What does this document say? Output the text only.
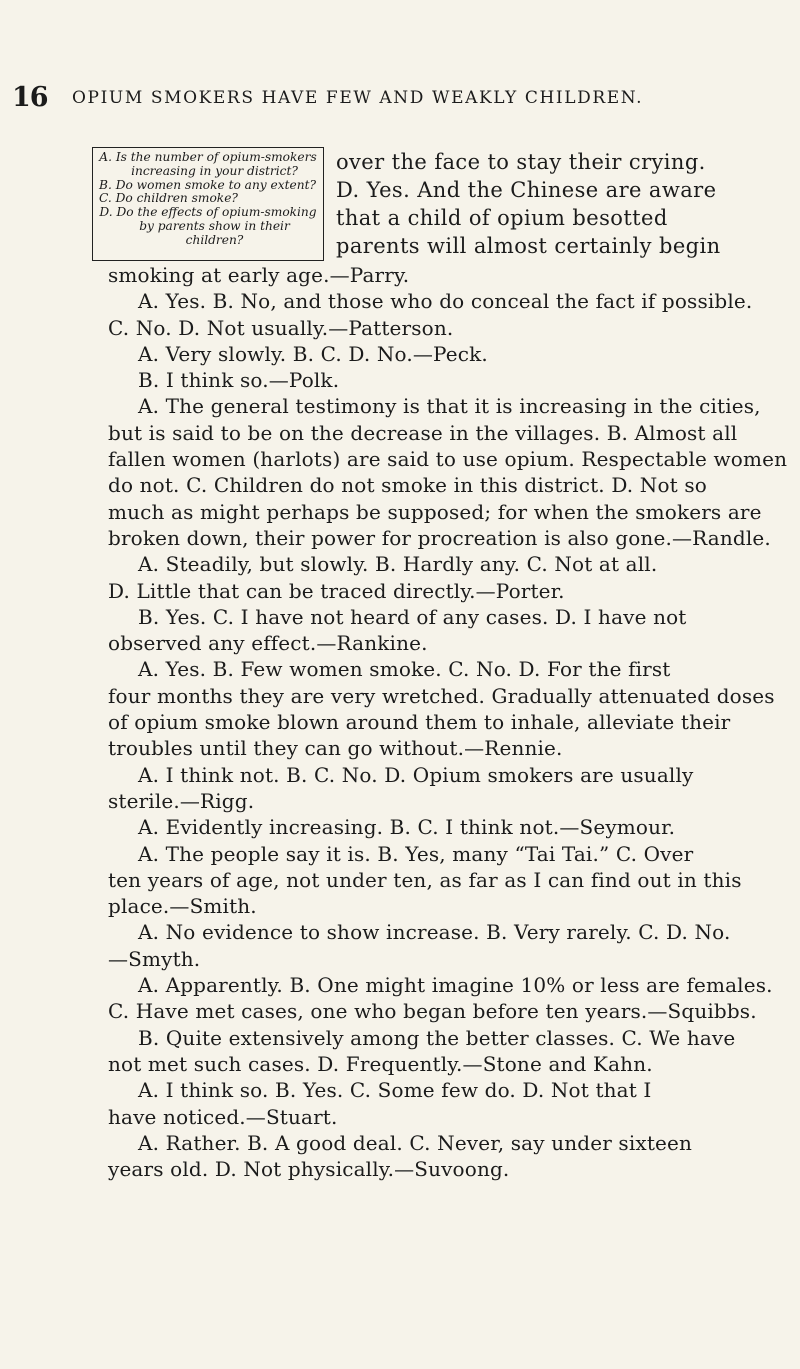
16 OPIUM SMOKERS HAVE FEW AND WEAKLY CHILDREN.

A. Is the number of opium-smokers increasing in your district?

B. Do women smoke to any extent?

C. Do children smoke?

D. Do the effects of opium-smoking by parents show in their children?

over the face to stay their crying.
D. Yes. And the Chinese are aware
that a child of opium besotted
parents will almost certainly begin

smoking at early age.—Parry.

A. Yes. B. No, and those who do conceal the fact if possible.

C. No. D. Not usually.—Patterson.

A. Very slowly. B. C. D. No.—Peck.

B. I think so.—Polk.

A. The general testimony is that it is increasing in the cities,

but is said to be on the decrease in the villages. B. Almost all

fallen women (harlots) are said to use opium. Respectable women

do not. C. Children do not smoke in this district. D. Not so

much as might perhaps be supposed; for when the smokers are

broken down, their power for procreation is also gone.—Randle.

A. Steadily, but slowly. B. Hardly any. C. Not at all.

D. Little that can be traced directly.—Porter.

B. Yes. C. I have not heard of any cases. D. I have not

observed any effect.—Rankine.

A. Yes. B. Few women smoke. C. No. D. For the first

four months they are very wretched. Gradually attenuated doses

of opium smoke blown around them to inhale, alleviate their

troubles until they can go without.—Rennie.

A. I think not. B. C. No. D. Opium smokers are usually

sterile.—Rigg.

A. Evidently increasing. B. C. I think not.—Seymour.

A. The people say it is. B. Yes, many “Tai Tai.” C. Over

ten years of age, not under ten, as far as I can find out in this

place.—Smith.

A. No evidence to show increase. B. Very rarely. C. D. No.

—Smyth.

A. Apparently. B. One might imagine 10% or less are females.

C. Have met cases, one who began before ten years.—Squibbs.

B. Quite extensively among the better classes. C. We have

not met such cases. D. Frequently.—Stone and Kahn.

A. I think so. B. Yes. C. Some few do. D. Not that I

have noticed.—Stuart.

A. Rather. B. A good deal. C. Never, say under sixteen

years old. D. Not physically.—Suvoong.
